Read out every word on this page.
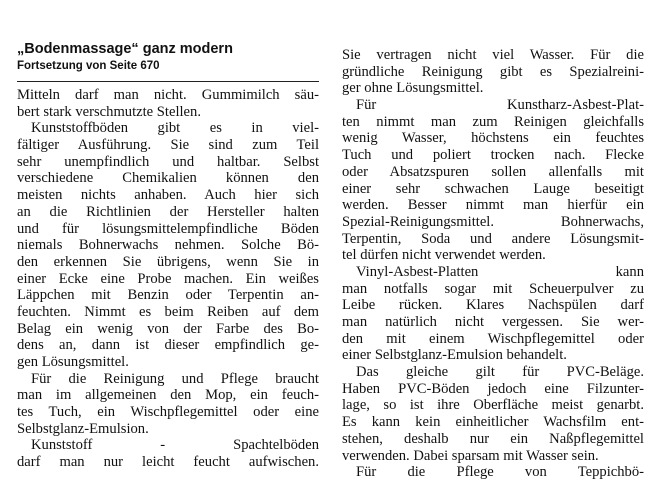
„Bodenmassage“ ganz modern
Fortsetzung von Seite 670
Mitteln darf man nicht. Gummimilch säu-
bert stark verschmutzte Stellen.
Kunststoffböden gibt es in viel-
fältiger Ausführung. Sie sind zum Teil
sehr unempfindlich und haltbar. Selbst
verschiedene Chemikalien können den
meisten nichts anhaben. Auch hier sich
an die Richtlinien der Hersteller halten
und für lösungsmittelempfindliche Böden
niemals Bohnerwachs nehmen. Solche Bö-
den erkennen Sie übrigens, wenn Sie in
einer Ecke eine Probe machen. Ein weißes
Läppchen mit Benzin oder Terpentin an-
feuchten. Nimmt es beim Reiben auf dem
Belag ein wenig von der Farbe des Bo-
dens an, dann ist dieser empfindlich ge-
gen Lösungsmittel.
Für die Reinigung und Pflege braucht
man im allgemeinen den Mop, ein feuch-
tes Tuch, ein Wischpflegemittel oder eine
Selbstglanz-Emulsion.
Kunststoff - Spachtelböden
darf man nur leicht feucht aufwischen.
Sie vertragen nicht viel Wasser. Für die
gründliche Reinigung gibt es Spezialreini-
ger ohne Lösungsmittel.
Für Kunstharz-Asbest-Plat-
ten nimmt man zum Reinigen gleichfalls
wenig Wasser, höchstens ein feuchtes
Tuch und poliert trocken nach. Flecke
oder Absatzspuren sollen allenfalls mit
einer sehr schwachen Lauge beseitigt
werden. Besser nimmt man hierfür ein
Spezial-Reinigungsmittel. Bohnerwachs,
Terpentin, Soda und andere Lösungsmit-
tel dürfen nicht verwendet werden.
Vinyl-Asbest-Platten kann
man notfalls sogar mit Scheuerpulver zu
Leibe rücken. Klares Nachspülen darf
man natürlich nicht vergessen. Sie wer-
den mit einem Wischpflegemittel oder
einer Selbstglanz-Emulsion behandelt.
Das gleiche gilt für PVC-Beläge.
Haben PVC-Böden jedoch eine Filzunter-
lage, so ist ihre Oberfläche meist genarbt.
Es kann kein einheitlicher Wachsfilm ent-
stehen, deshalb nur ein Naßpflegemittel
verwenden. Dabei sparsam mit Wasser sein.
Für die Pflege von Teppichbö-
